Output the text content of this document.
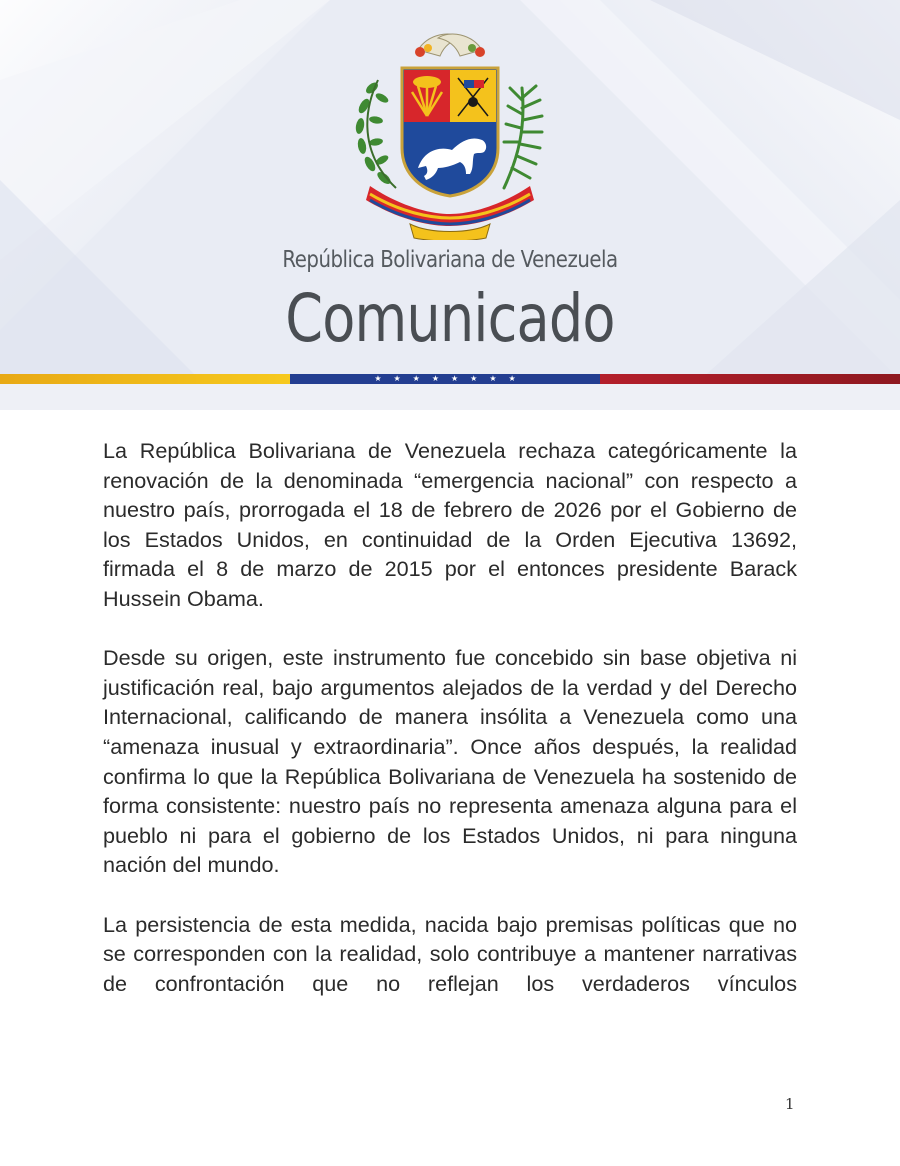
República Bolivariana de Venezuela
Comunicado
★ ★ ★ ★ ★ ★ ★ ★

La República Bolivariana de Venezuela rechaza categóricamente la renovación de la denominada “emergencia nacional” con respecto a nuestro país, prorrogada el 18 de febrero de 2026 por el Gobierno de los Estados Unidos, en continuidad de la Orden Ejecutiva 13692, firmada el 8 de marzo de 2015 por el entonces presidente Barack Hussein Obama.

Desde su origen, este instrumento fue concebido sin base objetiva ni justificación real, bajo argumentos alejados de la verdad y del Derecho Internacional, calificando de manera insólita a Venezuela como una “amenaza inusual y extraordinaria”. Once años después, la realidad confirma lo que la República Bolivariana de Venezuela ha sostenido de forma consistente: nuestro país no representa amenaza alguna para el pueblo ni para el gobierno de los Estados Unidos, ni para ninguna nación del mundo.

La persistencia de esta medida, nacida bajo premisas políticas que no se corresponden con la realidad, solo contribuye a mantener narrativas de confrontación que no reflejan los verdaderos vínculos

1
